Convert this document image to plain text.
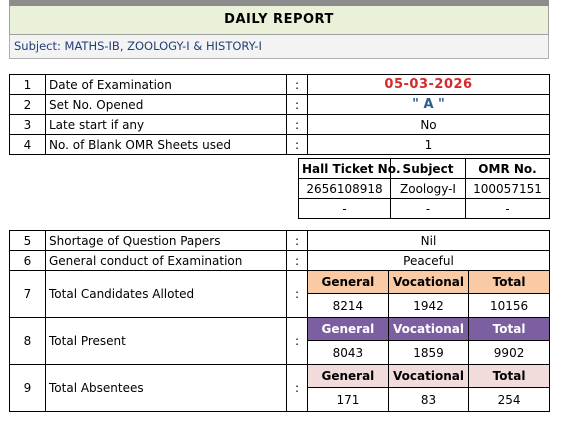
DAILY REPORT
Subject: MATHS-IB, ZOOLOGY-I & HISTORY-I
1	Date of Examination	:	05-03-2026
2	Set No. Opened	:	" A "
3	Late start if any	:	No
4	No. of Blank OMR Sheets used	:	1
Hall Ticket No.	Subject	OMR No.
2656108918	Zoology-I	100057151
-	-	-
5	Shortage of Question Papers	:	Nil
6	General conduct of Examination	:	Peaceful
7	Total Candidates Alloted	:	
General	Vocational	Total
8214	1942	10156

8	Total Present	:	
General	Vocational	Total
8043	1859	9902

9	Total Absentees	:	
General	Vocational	Total
171	83	254
